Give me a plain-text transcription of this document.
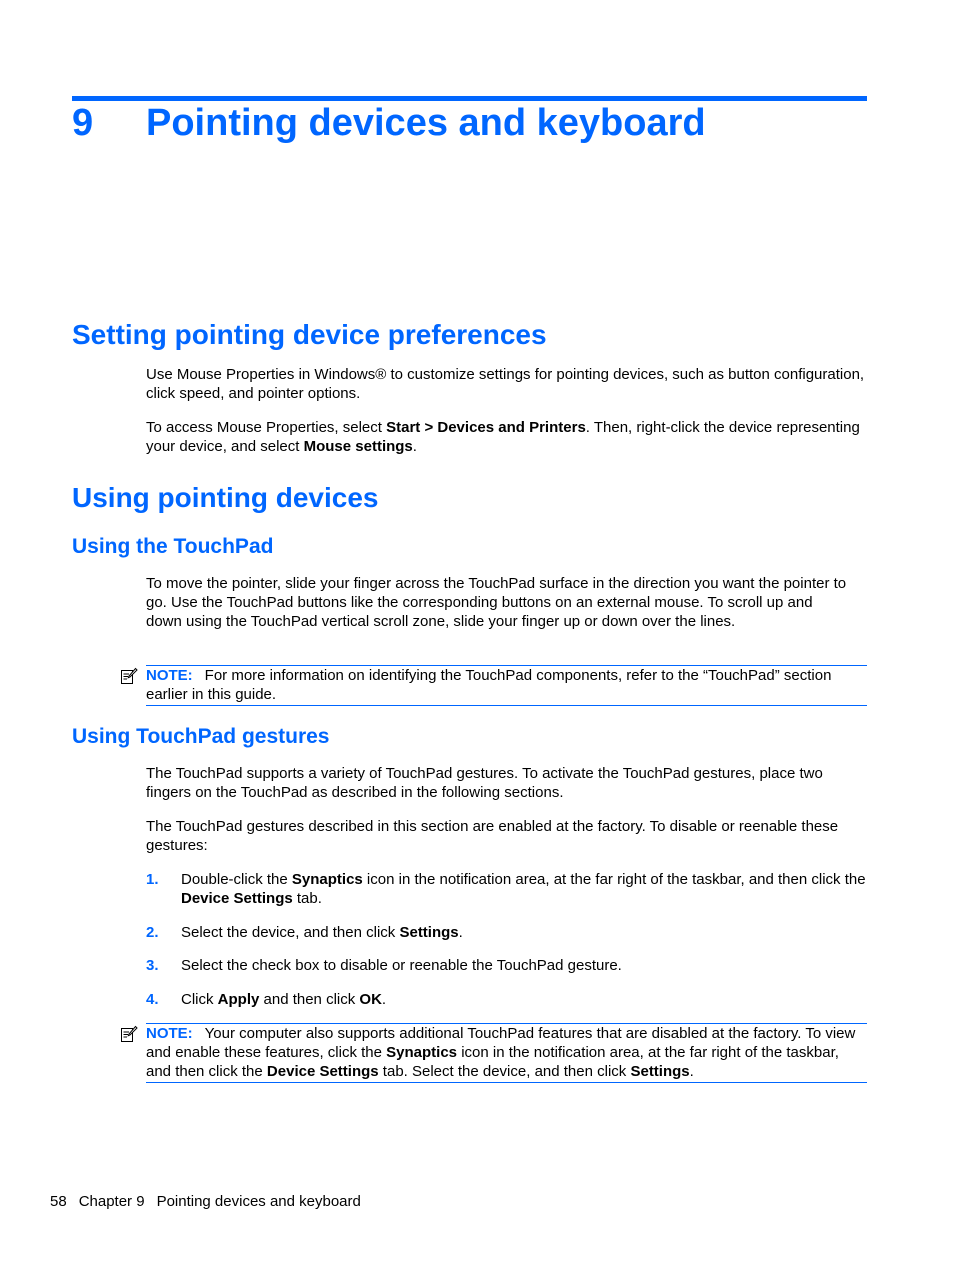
9 Pointing devices and keyboard
Setting pointing device preferences
Use Mouse Properties in Windows® to customize settings for pointing devices, such as button configuration, click speed, and pointer options.
To access Mouse Properties, select Start > Devices and Printers. Then, right-click the device representing your device, and select Mouse settings.
Using pointing devices
Using the TouchPad
To move the pointer, slide your finger across the TouchPad surface in the direction you want the pointer to go. Use the TouchPad buttons like the corresponding buttons on an external mouse. To scroll up and down using the TouchPad vertical scroll zone, slide your finger up or down over the lines.
NOTE: For more information on identifying the TouchPad components, refer to the “TouchPad” section earlier in this guide.
Using TouchPad gestures
The TouchPad supports a variety of TouchPad gestures. To activate the TouchPad gestures, place two fingers on the TouchPad as described in the following sections.
The TouchPad gestures described in this section are enabled at the factory. To disable or reenable these gestures:
1. Double-click the Synaptics icon in the notification area, at the far right of the taskbar, and then click the Device Settings tab.
2. Select the device, and then click Settings.
3. Select the check box to disable or reenable the TouchPad gesture.
4. Click Apply and then click OK.
NOTE: Your computer also supports additional TouchPad features that are disabled at the factory. To view and enable these features, click the Synaptics icon in the notification area, at the far right of the taskbar, and then click the Device Settings tab. Select the device, and then click Settings.
58 Chapter 9 Pointing devices and keyboard
